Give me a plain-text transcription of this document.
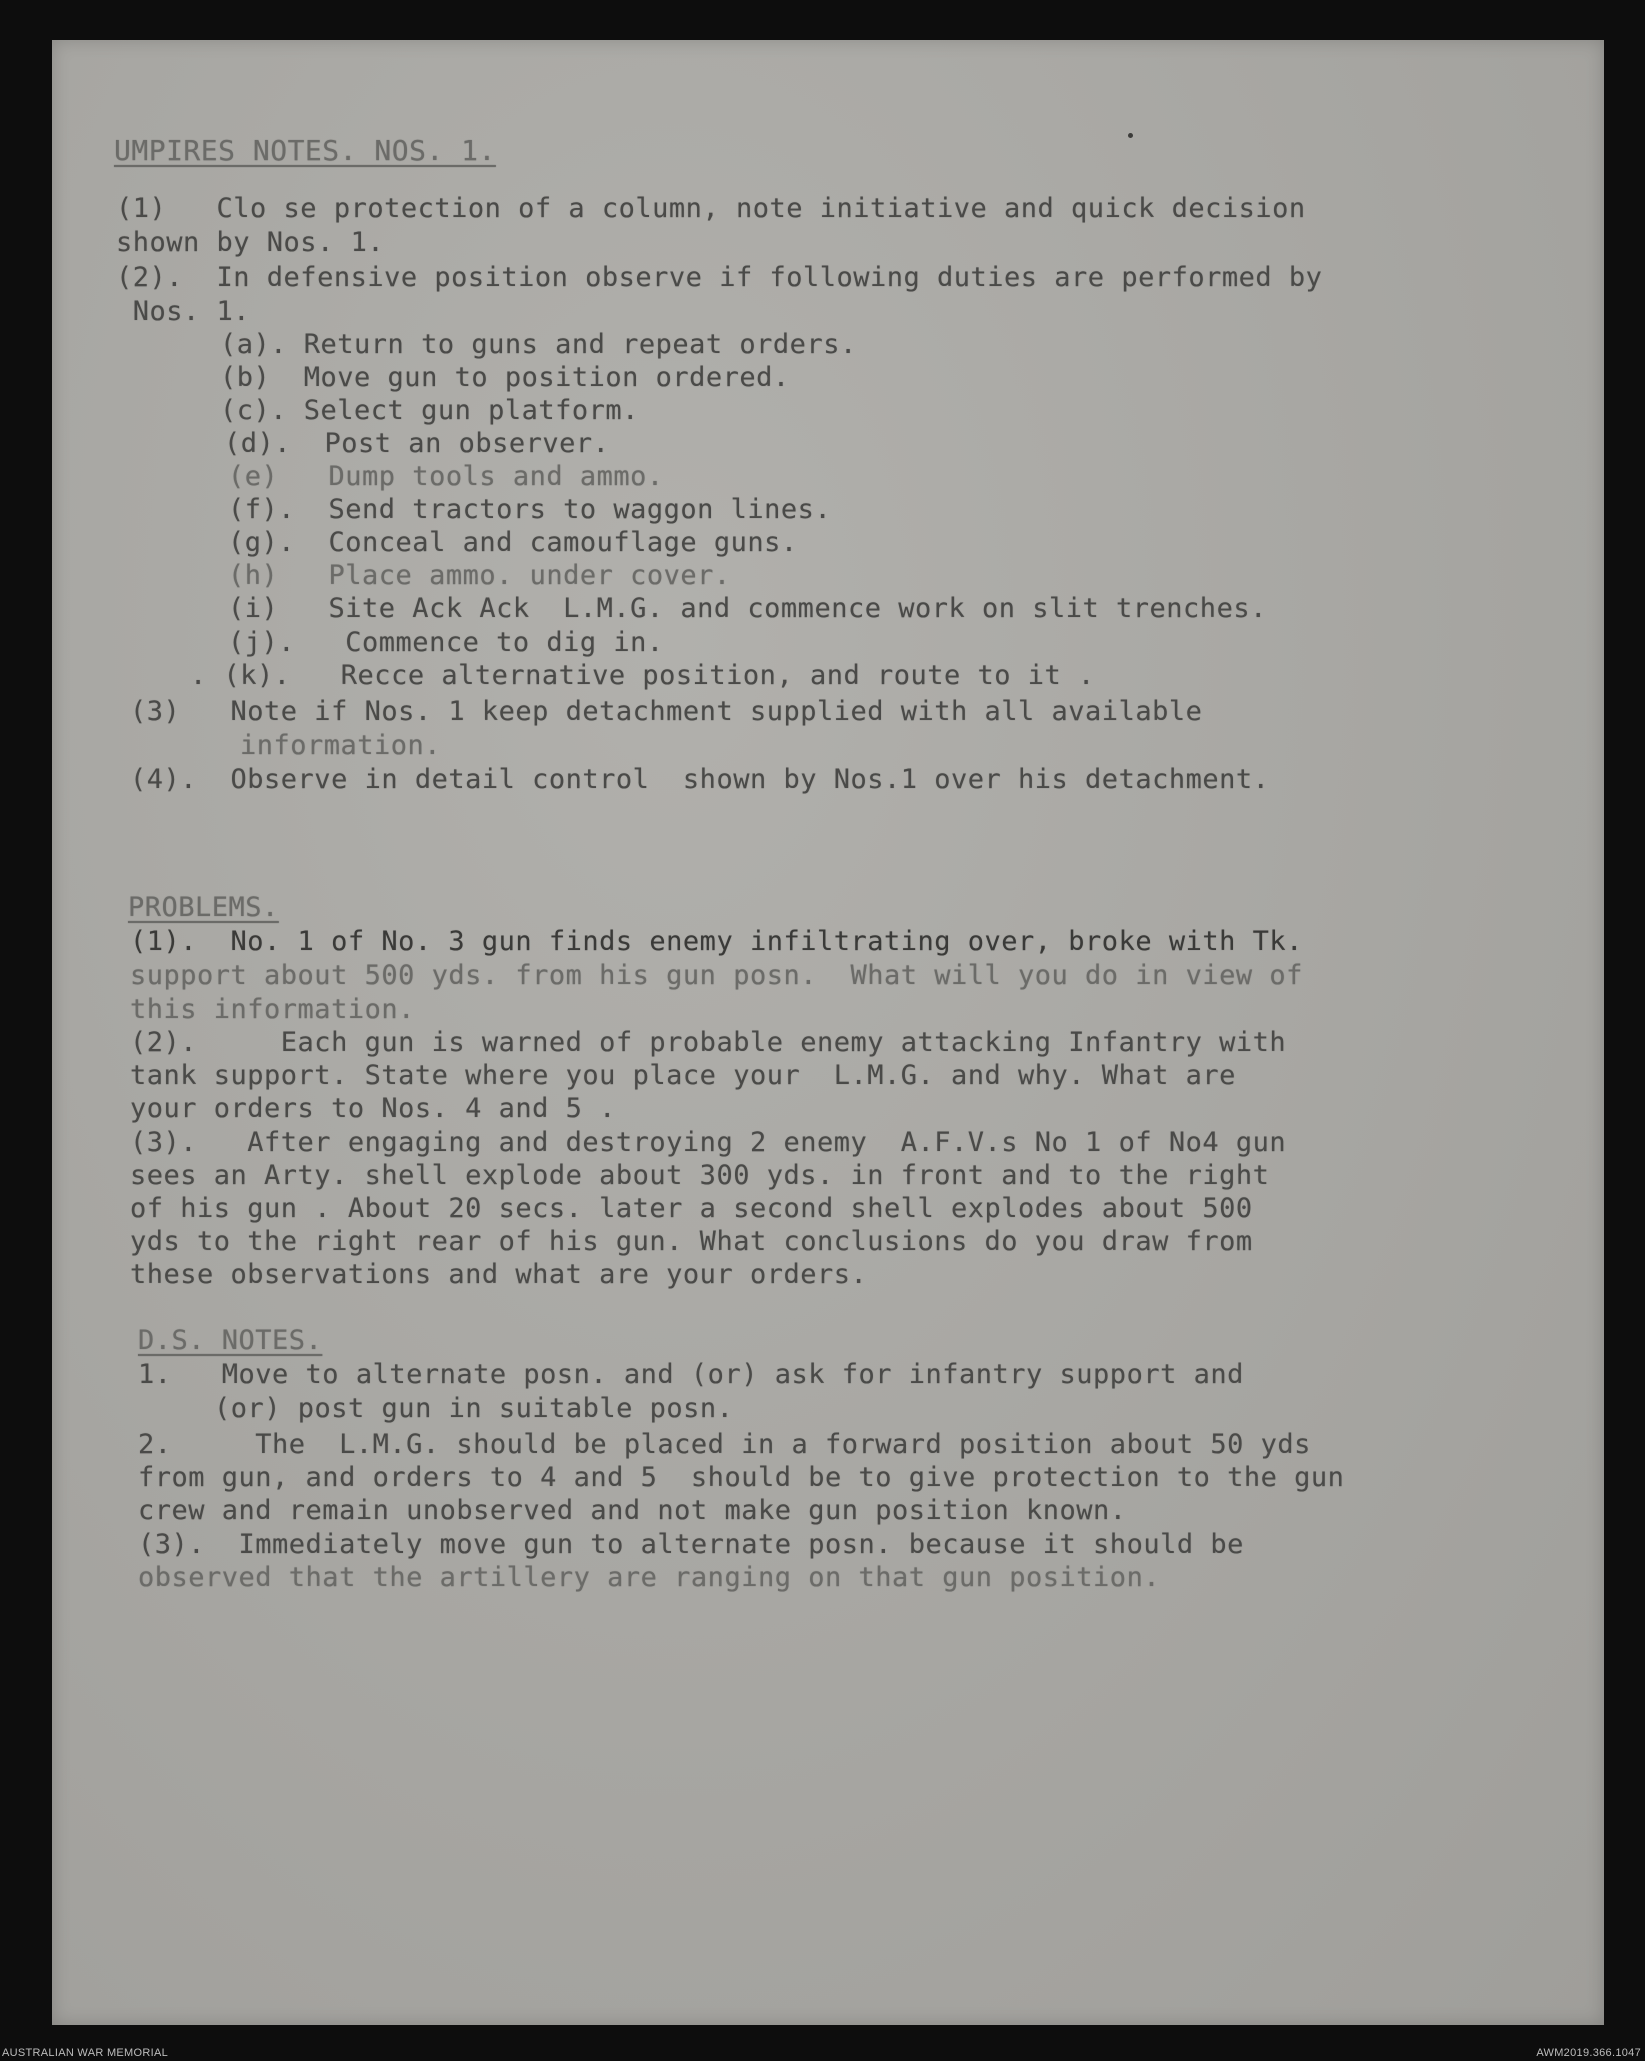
UMPIRES NOTES. NOS. 1.
(1)   Clo se protection of a column, note initiative and quick decision
shown by Nos. 1.
(2).  In defensive position observe if following duties are performed by
Nos. 1.
(a). Return to guns and repeat orders.
(b)  Move gun to position ordered.
(c). Select gun platform.
(d).  Post an observer.
(e)   Dump tools and ammo.
(f).  Send tractors to waggon lines.
(g).  Conceal and camouflage guns.
(h)   Place ammo. under cover.
(i)   Site Ack Ack  L.M.G. and commence work on slit trenches.
(j).   Commence to dig in.
. (k).   Recce alternative position, and route to it .
(3)   Note if Nos. 1 keep detachment supplied with all available
information.
(4).  Observe in detail control  shown by Nos.1 over his detachment.
PROBLEMS.
(1).  No. 1 of No. 3 gun finds enemy infiltrating over, broke with Tk.
support about 500 yds. from his gun posn.  What will you do in view of
this information.
(2).     Each gun is warned of probable enemy attacking Infantry with
tank support. State where you place your  L.M.G. and why. What are
your orders to Nos. 4 and 5 .
(3).   After engaging and destroying 2 enemy  A.F.V.s No 1 of No4 gun
sees an Arty. shell explode about 300 yds. in front and to the right
of his gun . About 20 secs. later a second shell explodes about 500
yds to the right rear of his gun. What conclusions do you draw from
these observations and what are your orders.
D.S. NOTES.
1.   Move to alternate posn. and (or) ask for infantry support and
(or) post gun in suitable posn.
2.     The  L.M.G. should be placed in a forward position about 50 yds
from gun, and orders to 4 and 5  should be to give protection to the gun
crew and remain unobserved and not make gun position known.
(3).  Immediately move gun to alternate posn. because it should be
observed that the artillery are ranging on that gun position.
AUSTRALIAN WAR MEMORIAL	AWM2019.366.1047
